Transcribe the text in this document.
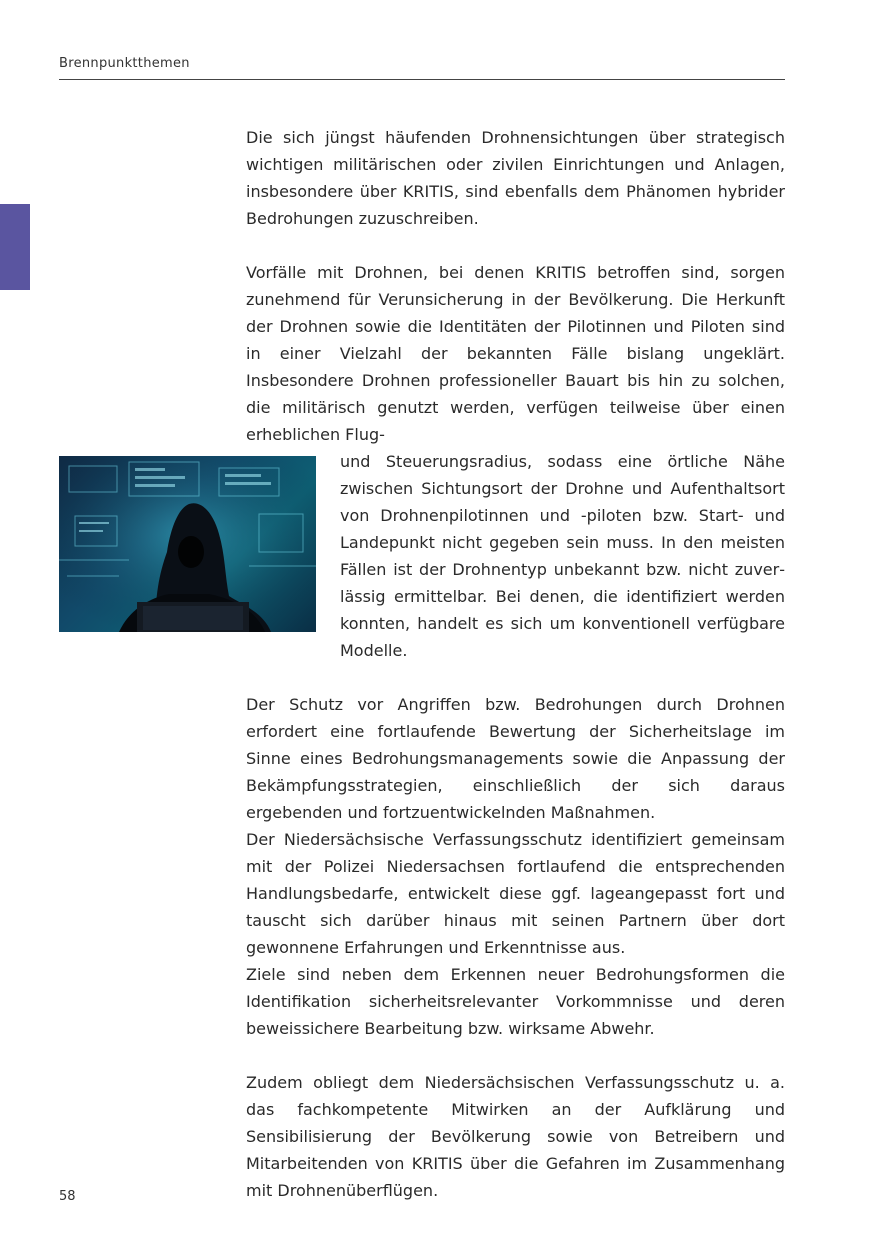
Brennpunktthemen

Die sich jüngst häufenden Drohnensichtungen über strategisch wichtigen militärischen oder zivilen Einrichtungen und Anlagen, insbesondere über KRITIS, sind ebenfalls dem Phänomen hybrider Bedrohungen zuzuschreiben.

Vorfälle mit Drohnen, bei denen KRITIS betroffen sind, sorgen zunehmend für Verunsicherung in der Bevölkerung. Die Herkunft der Drohnen sowie die Identitäten der Pilotinnen und Piloten sind in einer Vielzahl der bekannten Fälle bislang ungeklärt. Insbesondere Drohnen professioneller Bauart bis hin zu solchen, die militärisch genutzt werden, verfügen teilweise über einen erheblichen Flug-

und Steuerungsradius, sodass eine örtliche Nähe zwischen Sichtungsort der Drohne und Aufenthaltsort von Drohnenpilotinnen und -piloten bzw. Start- und Landepunkt nicht gegeben sein muss. In den meisten Fällen ist der Drohnentyp unbekannt bzw. nicht zuverlässig ermittelbar. Bei denen, die identifiziert werden konnten, handelt es sich um konventionell verfügbare Modelle.

Der Schutz vor Angriffen bzw. Bedrohungen durch Drohnen erfordert eine fortlaufende Bewertung der Sicherheitslage im Sinne eines Bedrohungsmanagements sowie die Anpassung der Bekämpfungsstrategien, einschließlich der sich daraus ergebenden und fortzuentwickelnden Maßnahmen.

Der Niedersächsische Verfassungsschutz identifiziert gemeinsam mit der Polizei Niedersachsen fortlaufend die entsprechenden Handlungsbedarfe, entwickelt diese ggf. lageangepasst fort und tauscht sich darüber hinaus mit seinen Partnern über dort gewonnene Erfahrungen und Erkenntnisse aus.

Ziele sind neben dem Erkennen neuer Bedrohungsformen die Identifikation sicherheitsrelevanter Vorkommnisse und deren beweissichere Bearbeitung bzw. wirksame Abwehr.

Zudem obliegt dem Niedersächsischen Verfassungsschutz u. a. das fachkompetente Mitwirken an der Aufklärung und Sensibilisierung der Bevölkerung sowie von Betreibern und Mitarbeitenden von KRITIS über die Gefahren im Zusammenhang mit Drohnenüberflügen.

58
